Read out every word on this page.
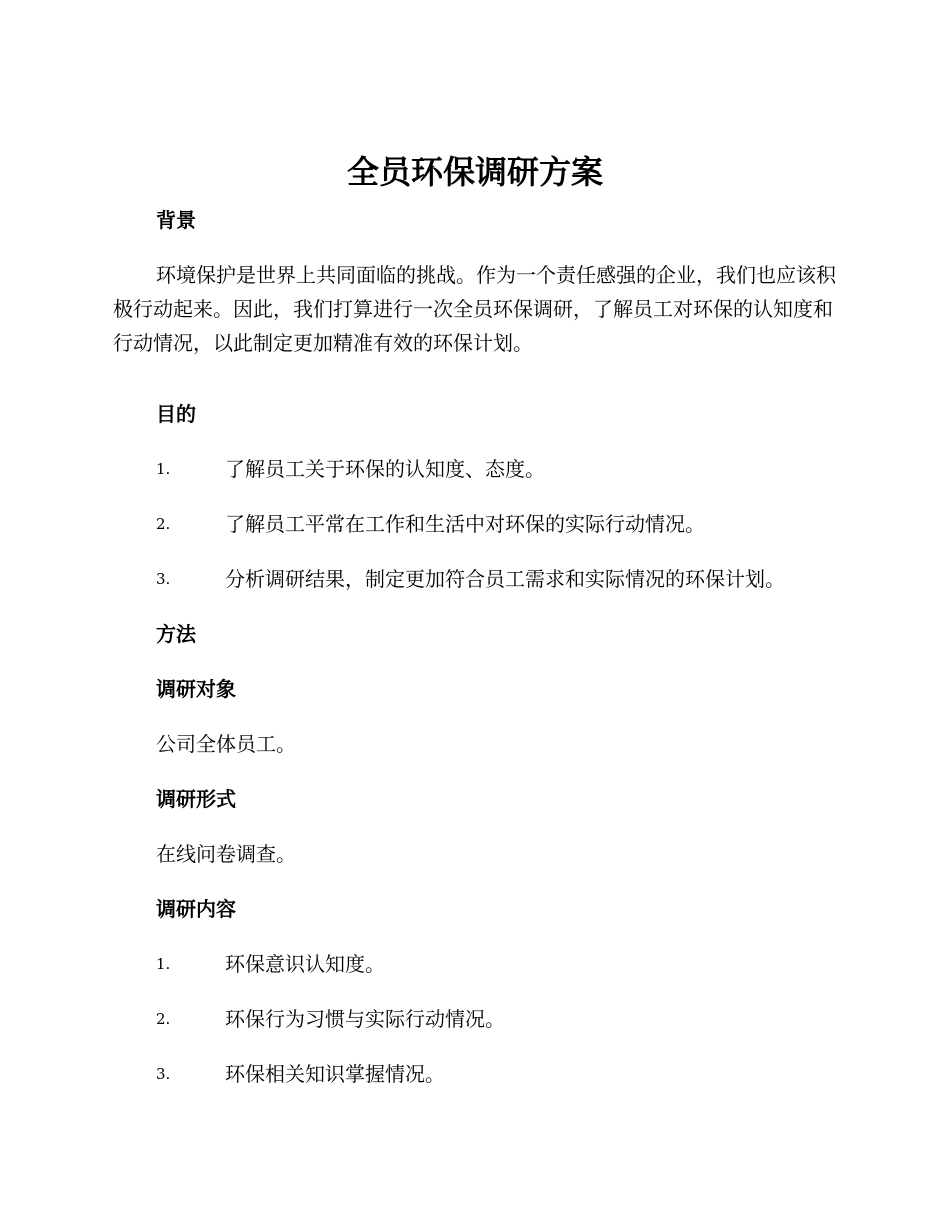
全员环保调研方案
背景

环境保护是世界上共同面临的挑战。作为一个责任感强的企业，我们也应该积极行动起来。因此，我们打算进行一次全员环保调研，了解员工对环保的认知度和行动情况，以此制定更加精准有效的环保计划。

目的
1.	了解员工关于环保的认知度、态度。
2.	了解员工平常在工作和生活中对环保的实际行动情况。
3.	分析调研结果，制定更加符合员工需求和实际情况的环保计划。
方法
调研对象

公司全体员工。

调研形式

在线问卷调查。

调研内容
1.	环保意识认知度。
2.	环保行为习惯与实际行动情况。
3.	环保相关知识掌握情况。
